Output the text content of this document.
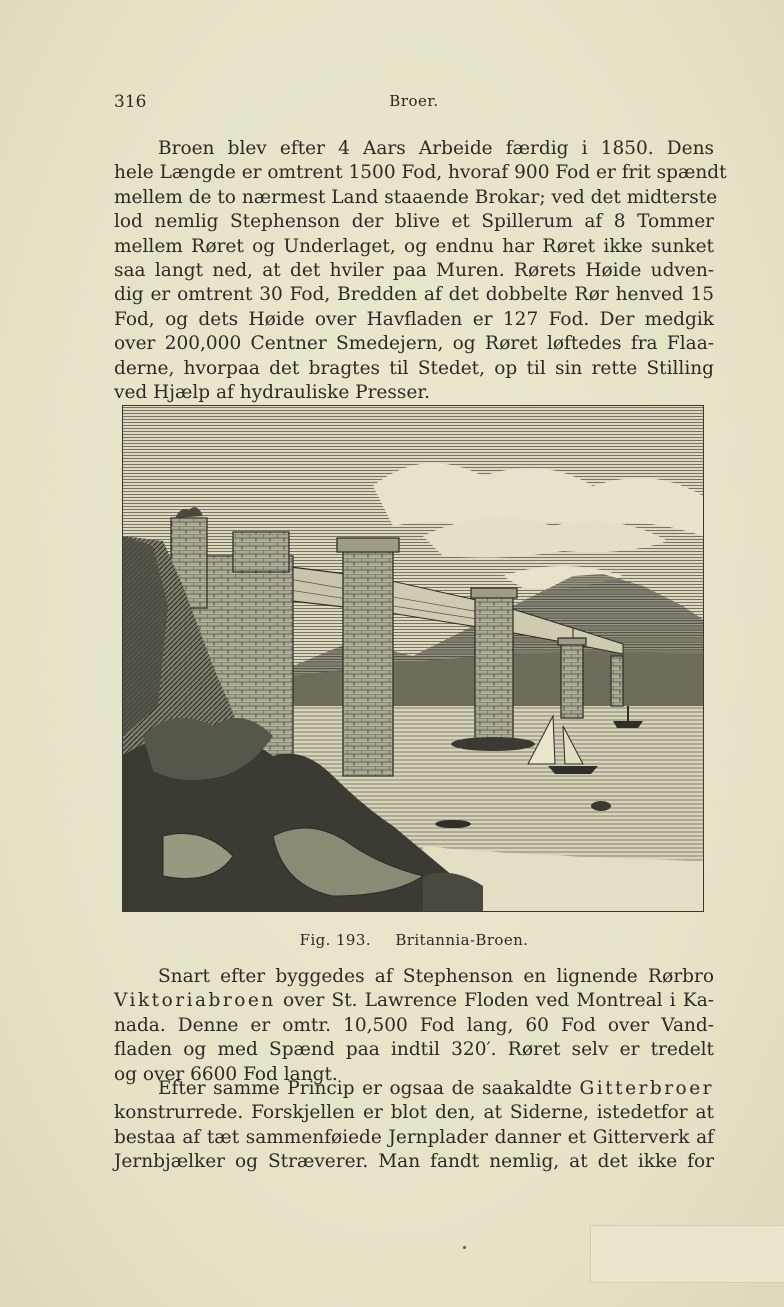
316	Broer.
Broen blev efter 4 Aars Arbeide færdig i 1850. Dens
hele Længde er omtrent 1500 Fod, hvoraf 900 Fod er frit spændt
mellem de to nærmest Land staaende Brokar; ved det midterste
lod nemlig Stephenson der blive et Spillerum af 8 Tommer
mellem Røret og Underlaget, og endnu har Røret ikke sunket
saa langt ned, at det hviler paa Muren. Rørets Høide udven-
dig er omtrent 30 Fod, Bredden af det dobbelte Rør henved 15
Fod, og dets Høide over Havfladen er 127 Fod. Der medgik
over 200,000 Centner Smedejern, og Røret løftedes fra Flaa-
derne, hvorpaa det bragtes til Stedet, op til sin rette Stilling
ved Hjælp af hydrauliske Presser.
Fig. 193. Britannia-Broen.
Snart efter byggedes af Stephenson en lignende Rørbro
Viktoriabroen over St. Lawrence Floden ved Montreal i Ka-
nada. Denne er omtr. 10,500 Fod lang, 60 Fod over Vand-
fladen og med Spænd paa indtil 320′. Røret selv er tredelt
og over 6600 Fod langt.
Efter samme Princip er ogsaa de saakaldte Gitterbroer
konstrurrede. Forskjellen er blot den, at Siderne, istedetfor at
bestaa af tæt sammenføiede Jernplader danner et Gitterverk af
Jernbjælker og Stræverer. Man fandt nemlig, at det ikke for
